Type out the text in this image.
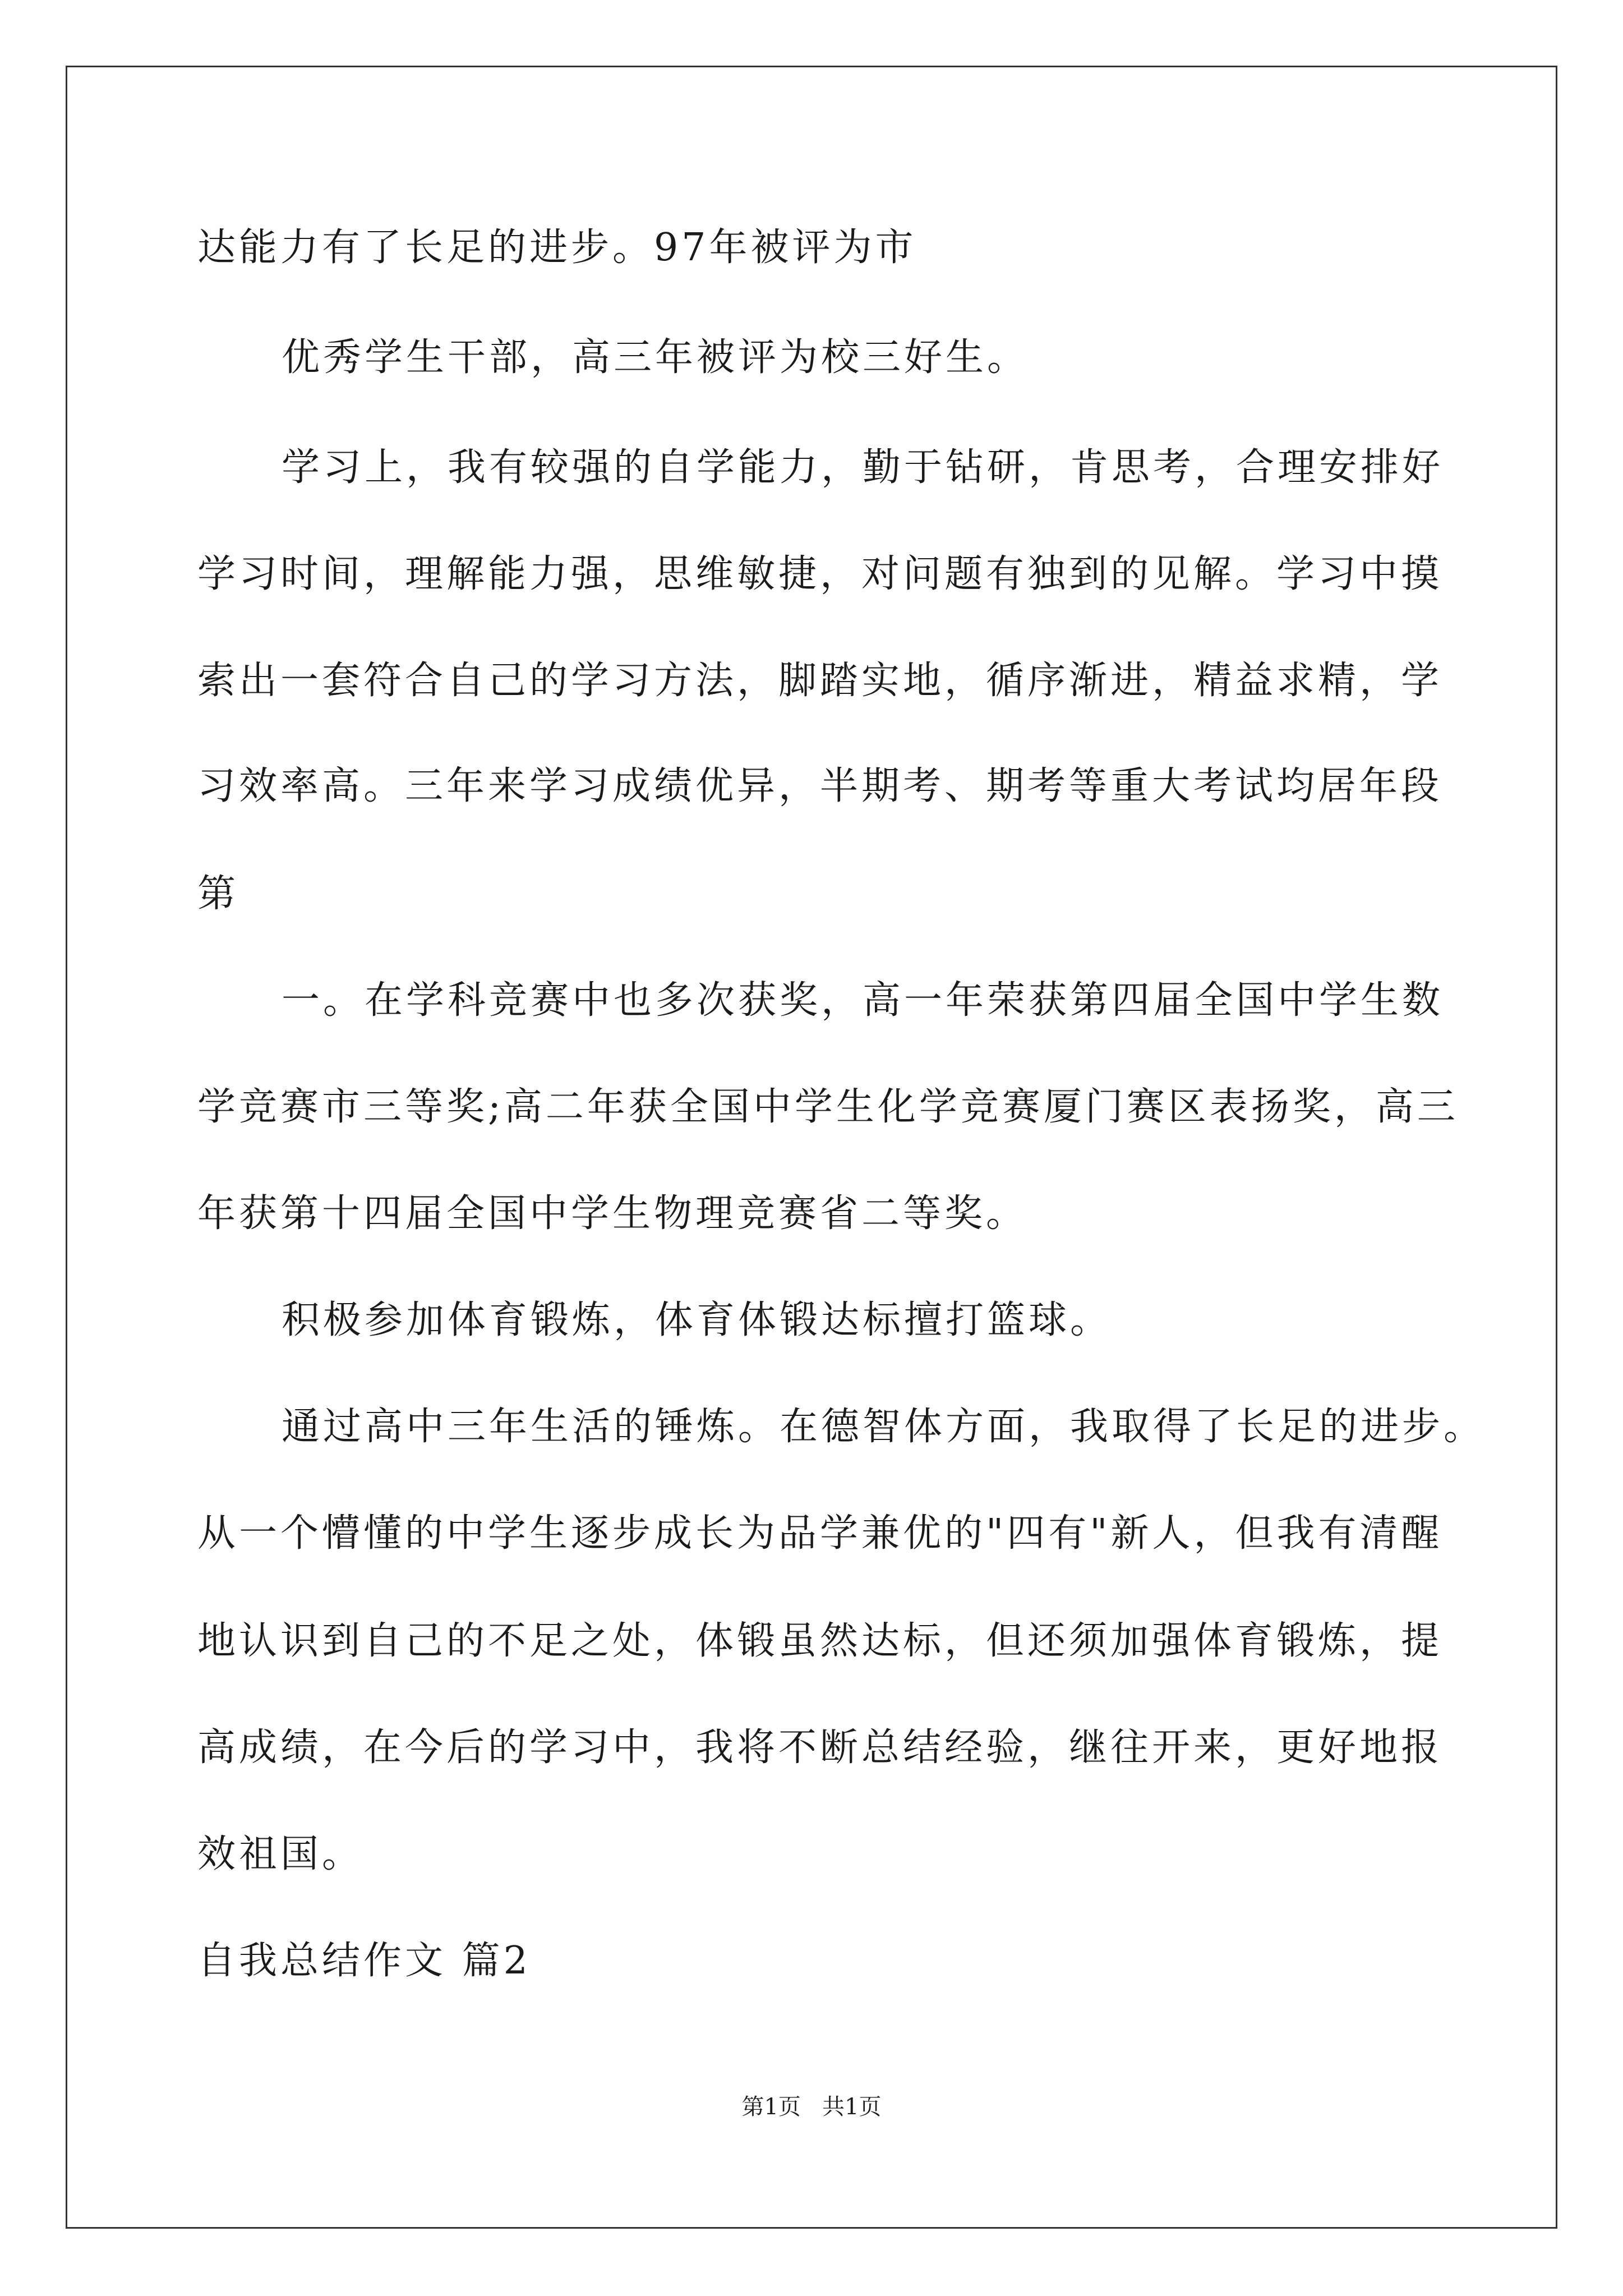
达能力有了长足的进步。97年被评为市
优秀学生干部，高三年被评为校三好生。
学习上，我有较强的自学能力，勤于钻研，肯思考，合理安排好
学习时间，理解能力强，思维敏捷，对问题有独到的见解。学习中摸
索出一套符合自己的学习方法，脚踏实地，循序渐进，精益求精，学
习效率高。三年来学习成绩优异，半期考、期考等重大考试均居年段
第
一。在学科竞赛中也多次获奖，高一年荣获第四届全国中学生数
学竞赛市三等奖;高二年获全国中学生化学竞赛厦门赛区表扬奖，高三
年获第十四届全国中学生物理竞赛省二等奖。
积极参加体育锻炼，体育体锻达标擅打篮球。
通过高中三年生活的锤炼。在德智体方面，我取得了长足的进步。
从一个懵懂的中学生逐步成长为品学兼优的"四有"新人，但我有清醒
地认识到自己的不足之处，体锻虽然达标，但还须加强体育锻炼，提
高成绩，在今后的学习中，我将不断总结经验，继往开来，更好地报
效祖国。
自我总结作文 篇2
第1页   共1页
